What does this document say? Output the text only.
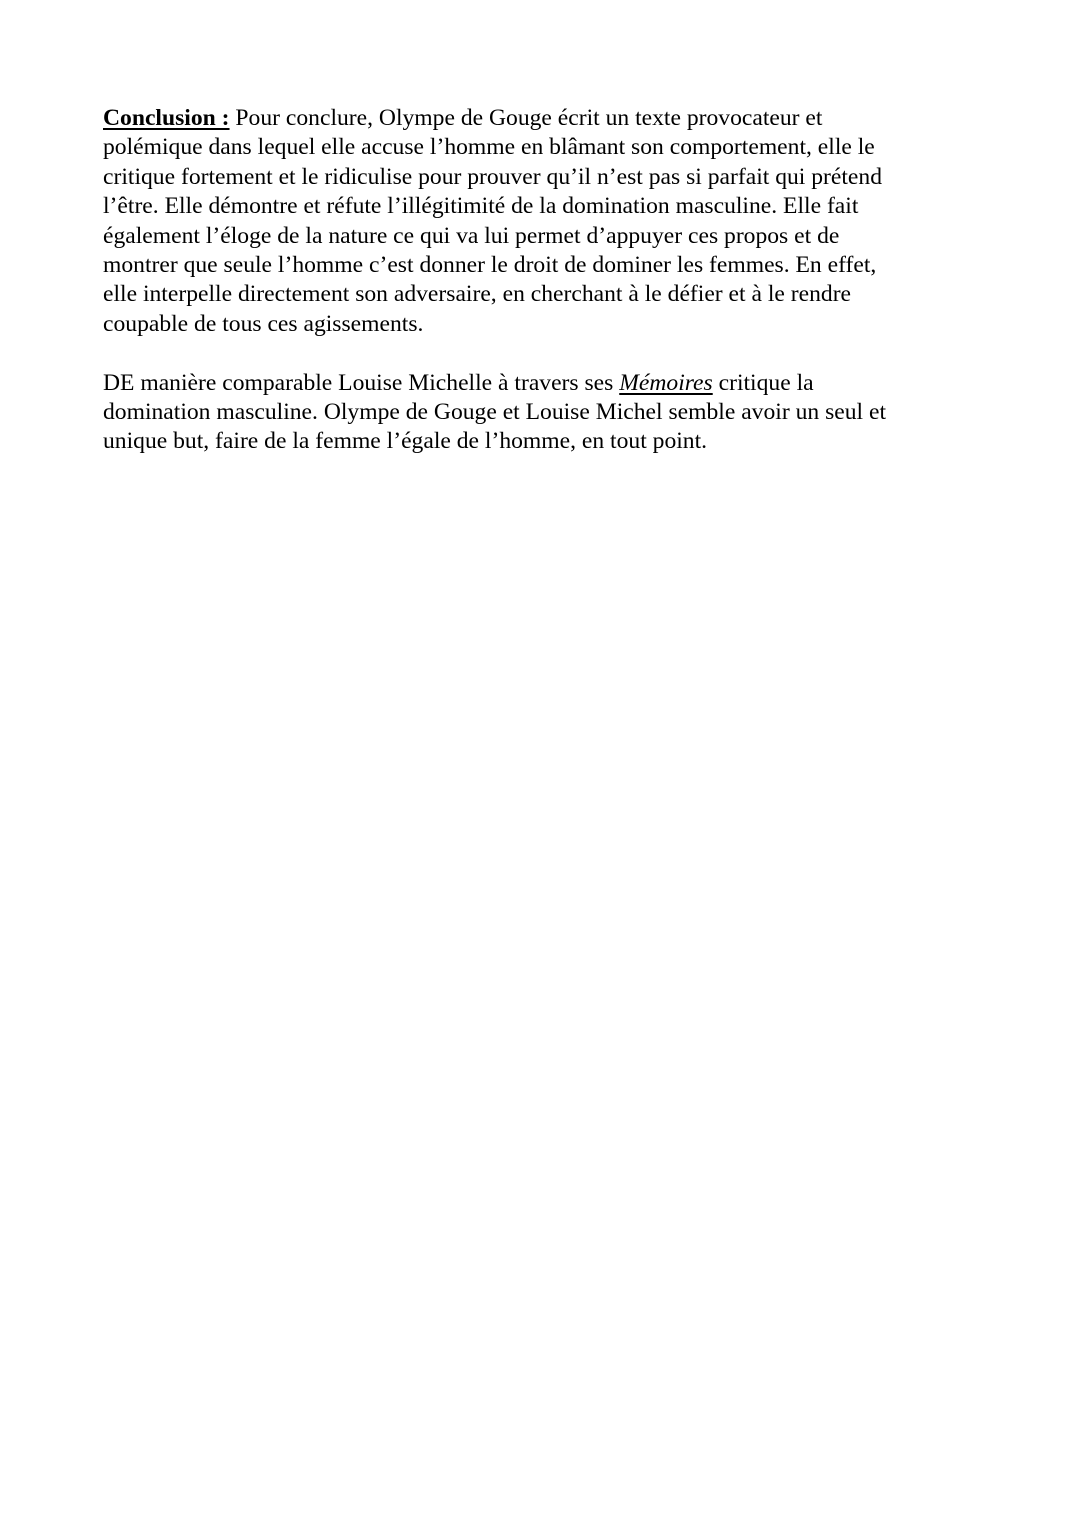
Conclusion : Pour conclure, Olympe de Gouge écrit un texte provocateur et
polémique dans lequel elle accuse l’homme en blâmant son comportement, elle le
critique fortement et le ridiculise pour prouver qu’il n’est pas si parfait qui prétend
l’être. Elle démontre et réfute l’illégitimité de la domination masculine. Elle fait
également l’éloge de la nature ce qui va lui permet d’appuyer ces propos et de
montrer que seule l’homme c’est donner le droit de dominer les femmes. En effet,
elle interpelle directement son adversaire, en cherchant à le défier et à le rendre
coupable de tous ces agissements.

DE manière comparable Louise Michelle à travers ses Mémoires critique la
domination masculine. Olympe de Gouge et Louise Michel semble avoir un seul et
unique but, faire de la femme l’égale de l’homme, en tout point.
